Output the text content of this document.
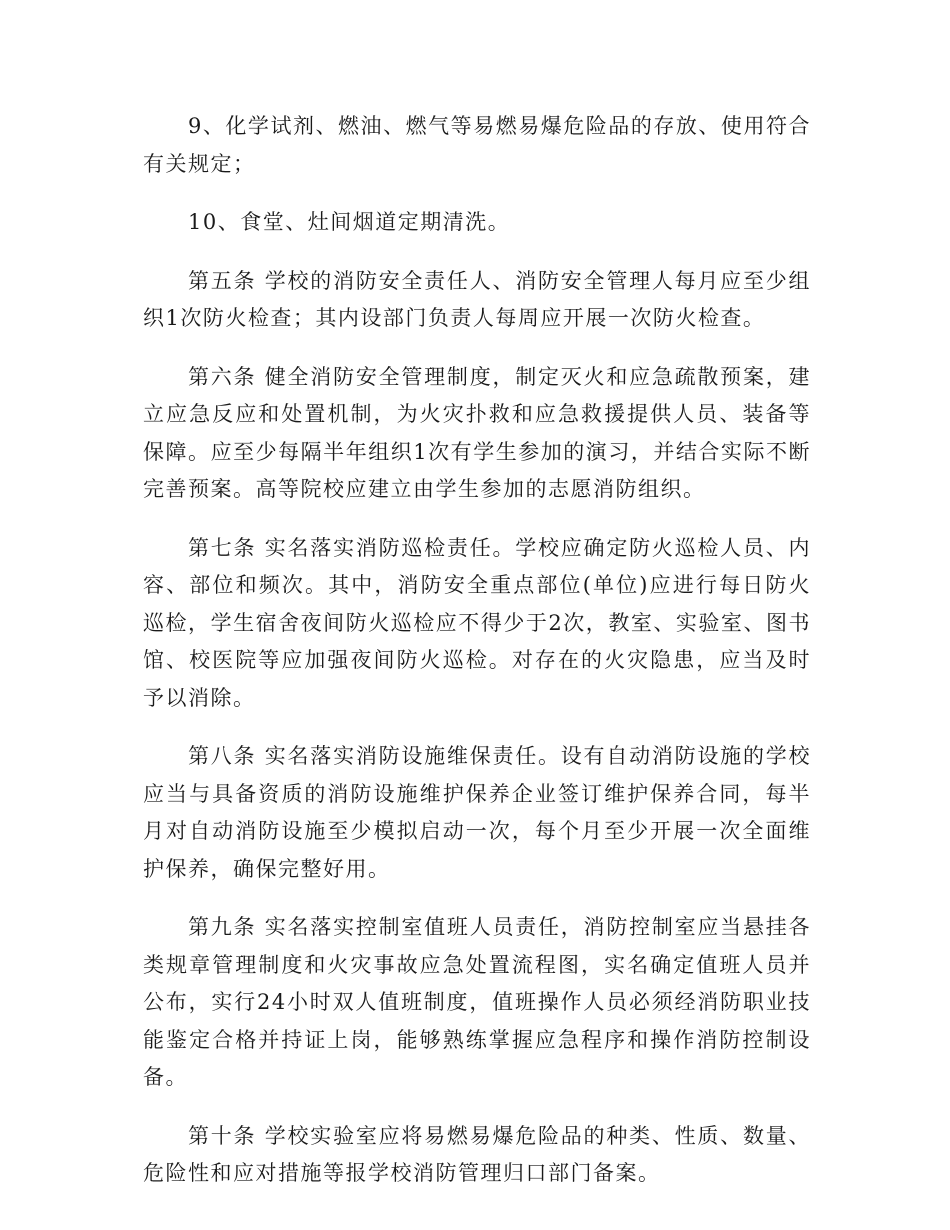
9、化学试剂、燃油、燃气等易燃易爆危险品的存放、使用符合有关规定；

10、食堂、灶间烟道定期清洗。

第五条 学校的消防安全责任人、消防安全管理人每月应至少组织1次防火检查；其内设部门负责人每周应开展一次防火检查。

第六条 健全消防安全管理制度，制定灭火和应急疏散预案，建立应急反应和处置机制，为火灾扑救和应急救援提供人员、装备等保障。应至少每隔半年组织1次有学生参加的演习，并结合实际不断完善预案。高等院校应建立由学生参加的志愿消防组织。

第七条 实名落实消防巡检责任。学校应确定防火巡检人员、内容、部位和频次。其中，消防安全重点部位(单位)应进行每日防火巡检，学生宿舍夜间防火巡检应不得少于2次，教室、实验室、图书馆、校医院等应加强夜间防火巡检。对存在的火灾隐患，应当及时予以消除。

第八条 实名落实消防设施维保责任。设有自动消防设施的学校应当与具备资质的消防设施维护保养企业签订维护保养合同，每半月对自动消防设施至少模拟启动一次，每个月至少开展一次全面维护保养，确保完整好用。

第九条 实名落实控制室值班人员责任，消防控制室应当悬挂各类规章管理制度和火灾事故应急处置流程图，实名确定值班人员并公布，实行24小时双人值班制度，值班操作人员必须经消防职业技能鉴定合格并持证上岗，能够熟练掌握应急程序和操作消防控制设备。

第十条 学校实验室应将易燃易爆危险品的种类、性质、数量、危险性和应对措施等报学校消防管理归口部门备案。
